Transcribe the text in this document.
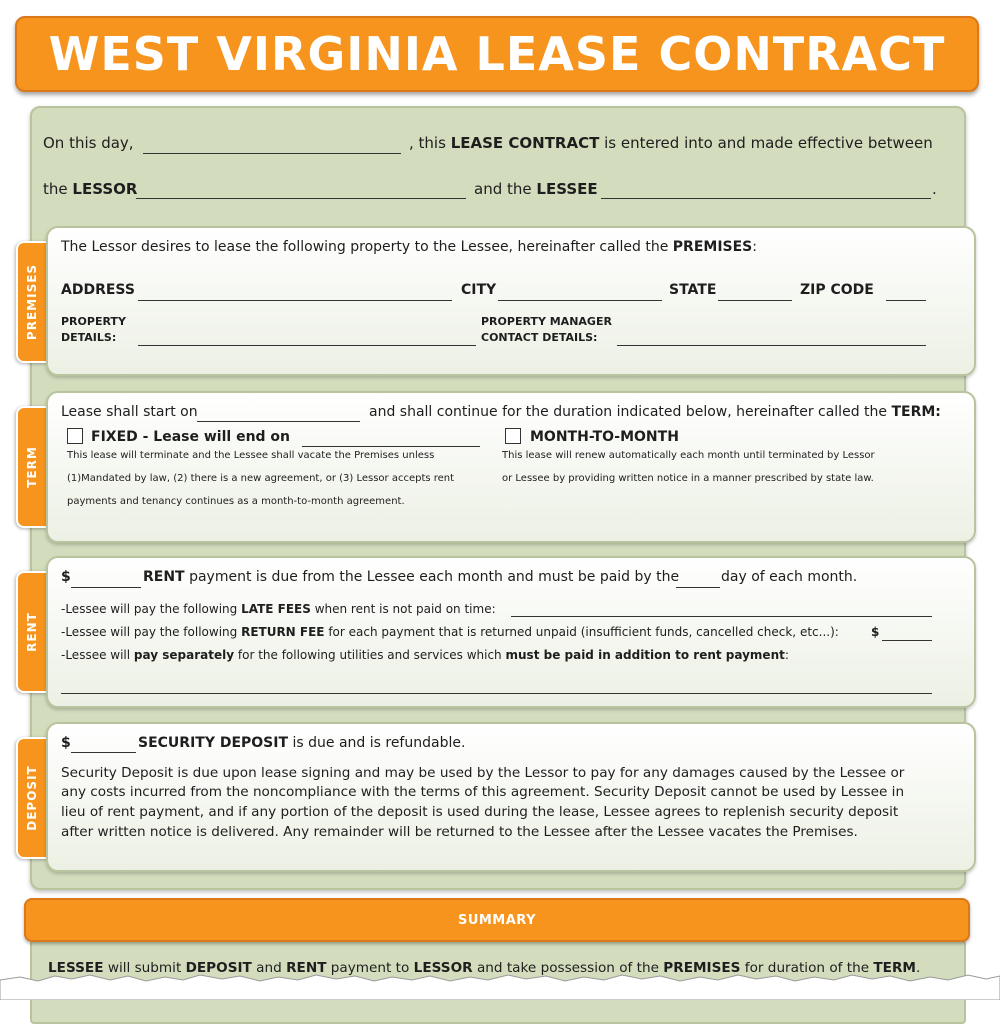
WEST VIRGINIA LEASE CONTRACT
On this day,	, this LEASE CONTRACT is entered into and made effective between
the LESSOR	and the LESSEE	.
PREMISES
The Lessor desires to lease the following property to the Lessee, hereinafter called the PREMISES:
ADDRESS	CITY	STATE	ZIP CODE
PROPERTY
DETAILS:
PROPERTY MANAGER
CONTACT DETAILS:
TERM
Lease shall start on	and shall continue for the duration indicated below, hereinafter called the TERM:
FIXED - Lease will end on
This lease will terminate and the Lessee shall vacate the Premises unless
(1)Mandated by law, (2) there is a new agreement, or (3) Lessor accepts rent
payments and tenancy continues as a month-to-month agreement.
MONTH-TO-MONTH
This lease will renew automatically each month until terminated by Lessor
or Lessee by providing written notice in a manner prescribed by state law.
RENT
$	RENT payment is due from the Lessee each month and must be paid by the	day of each month.
-Lessee will pay the following LATE FEES when rent is not paid on time:
-Lessee will pay the following RETURN FEE for each payment that is returned unpaid (insufficient funds, cancelled check, etc...):	$
-Lessee will pay separately for the following utilities and services which must be paid in addition to rent payment:
DEPOSIT
$	SECURITY DEPOSIT is due and is refundable.
Security Deposit is due upon lease signing and may be used by the Lessor to pay for any damages caused by the Lessee or
any costs incurred from the noncompliance with the terms of this agreement. Security Deposit cannot be used by Lessee in
lieu of rent payment, and if any portion of the deposit is used during the lease, Lessee agrees to replenish security deposit
after written notice is delivered. Any remainder will be returned to the Lessee after the Lessee vacates the Premises.
SUMMARY
LESSEE will submit DEPOSIT and RENT payment to LESSOR and take possession of the PREMISES for duration of the TERM.
